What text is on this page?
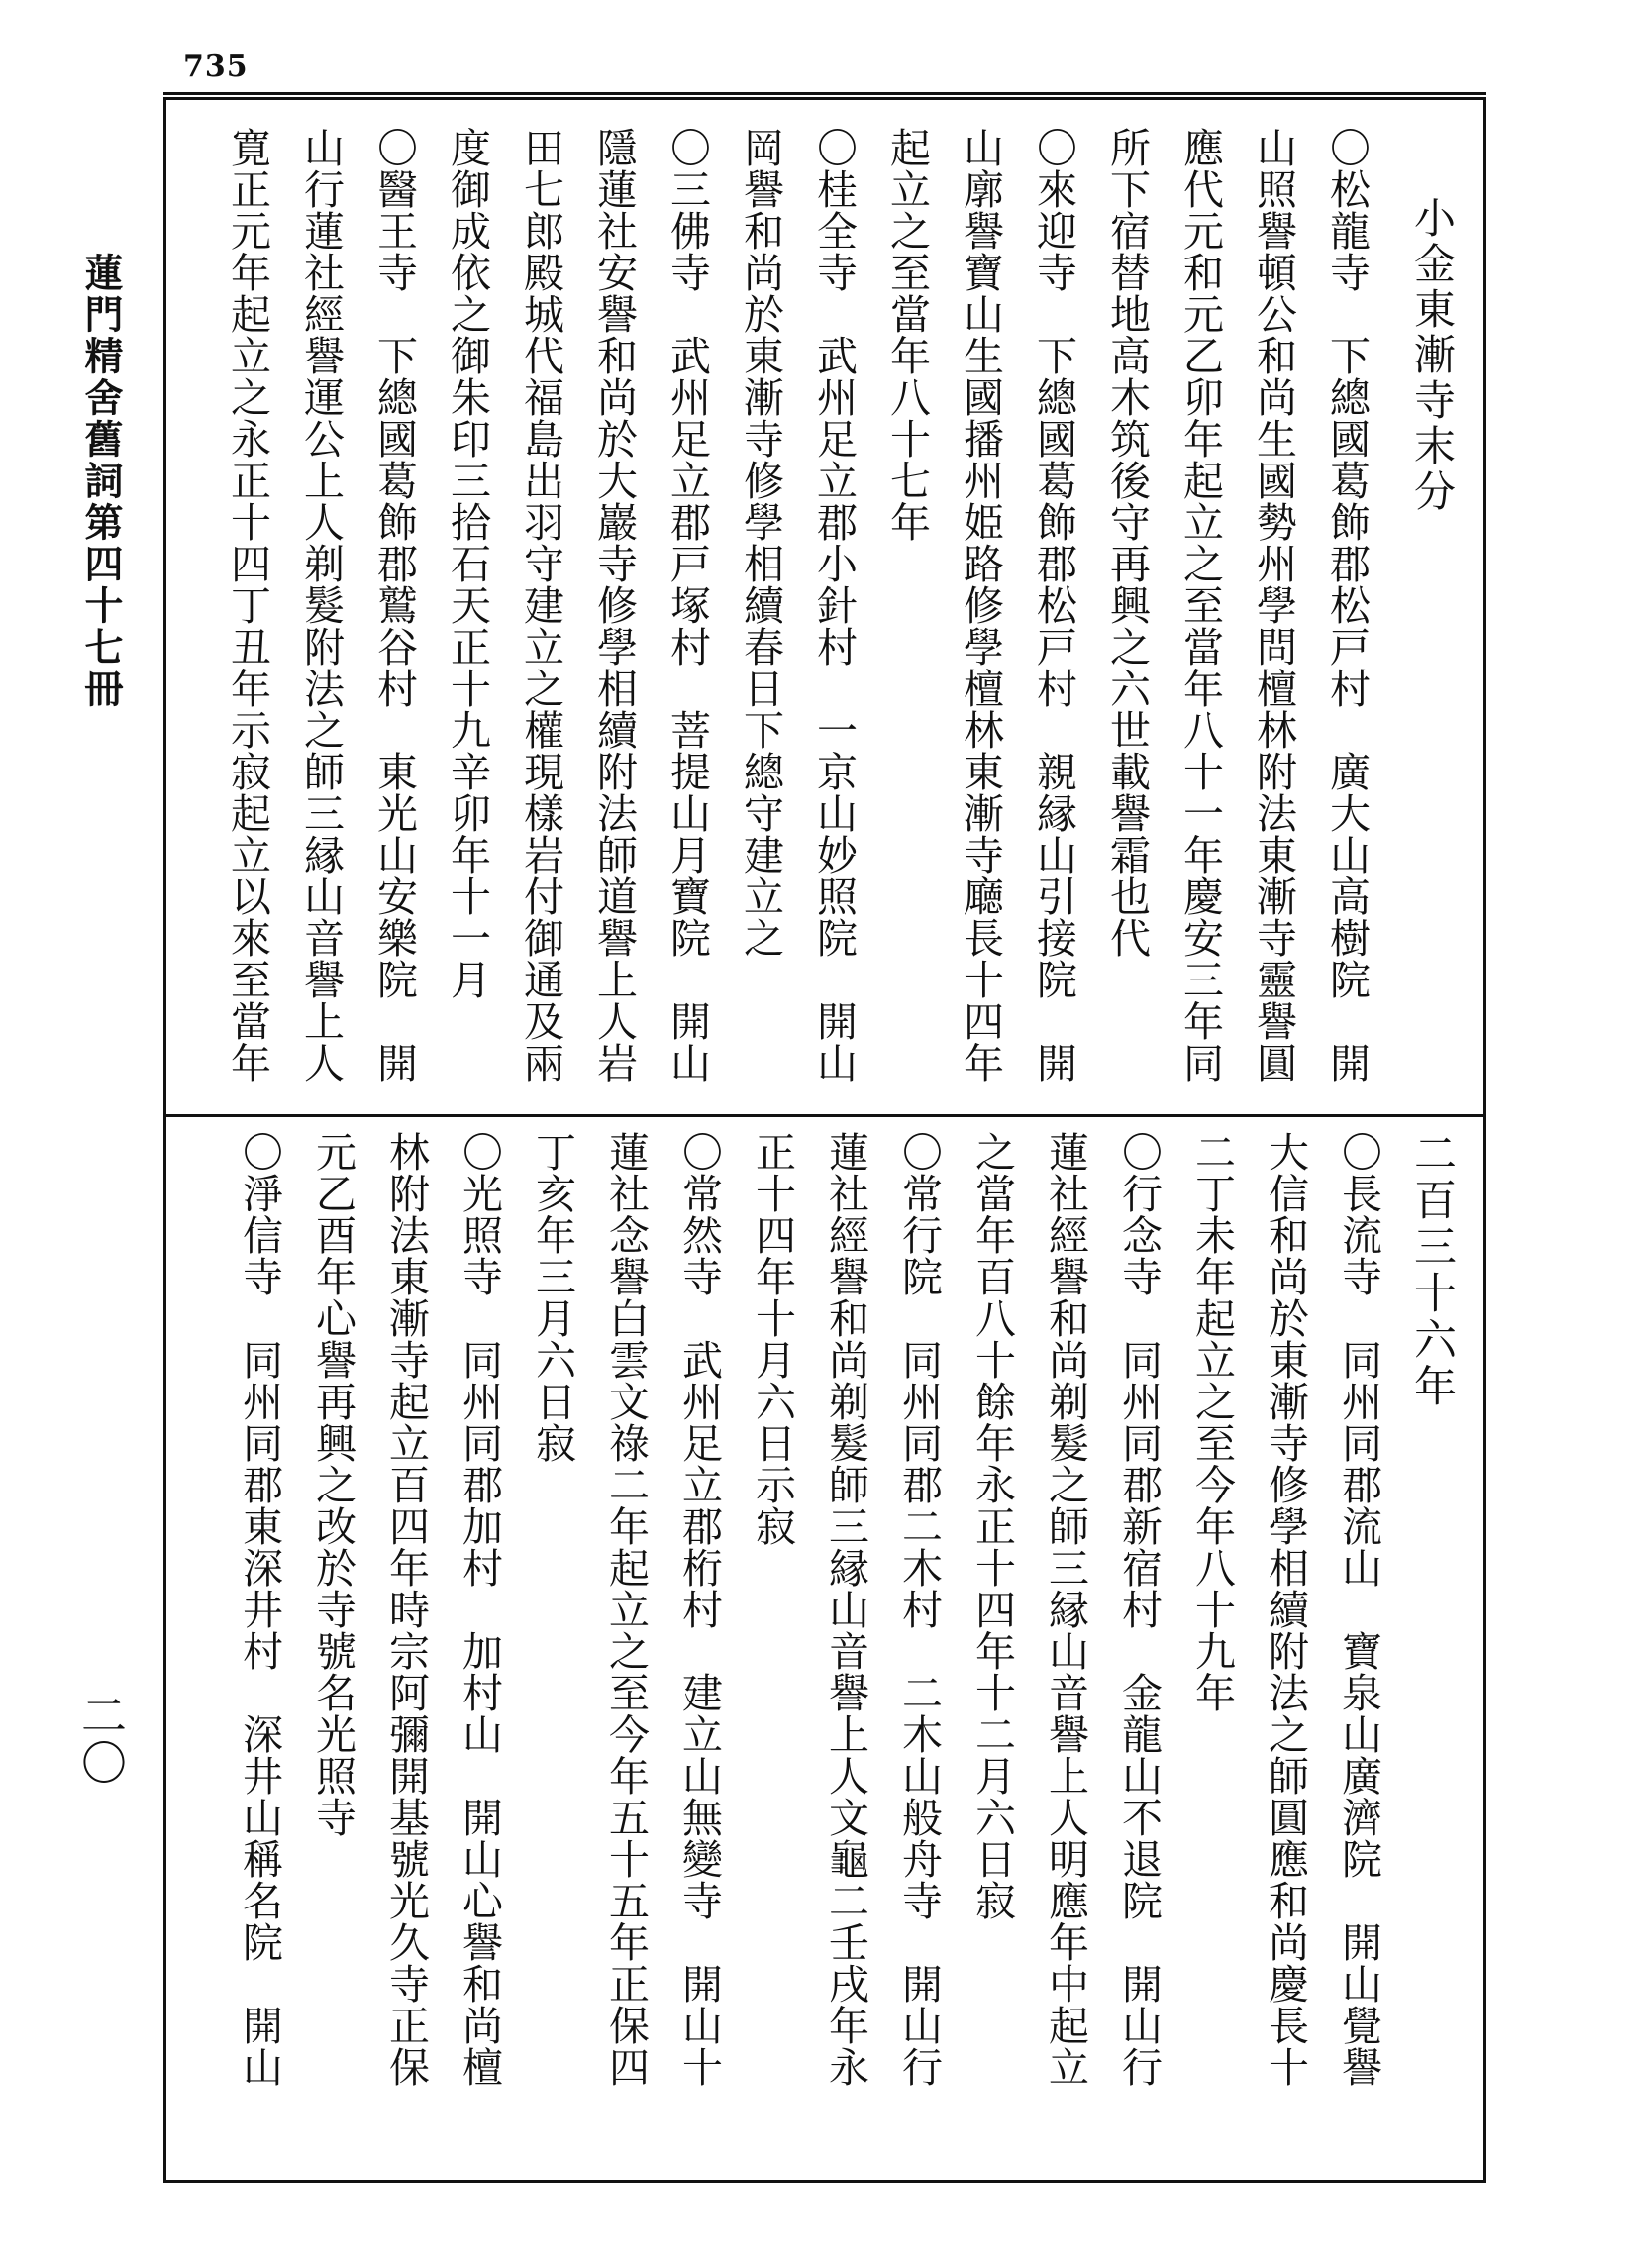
735
蓮門精舍舊詞第四十七冊
二〇
小金東漸寺末分
〇松龍寺　下總國葛飾郡松戸村　廣大山高樹院　開
山照譽頓公和尚生國勢州學問檀林附法東漸寺靈譽圓
應代元和元乙卯年起立之至當年八十一年慶安三年同
所下宿替地高木筑後守再興之六世載譽霜也代
〇來迎寺　下總國葛飾郡松戸村　親縁山引接院　開
山廓譽寶山生國播州姫路修學檀林東漸寺廰長十四年
起立之至當年八十七年
〇桂全寺　武州足立郡小針村　一京山妙照院　開山
岡譽和尚於東漸寺修學相續春日下總守建立之
〇三佛寺　武州足立郡戸塚村　菩提山月寶院　開山
隱蓮社安譽和尚於大巖寺修學相續附法師道譽上人岩
田七郎殿城代福島出羽守建立之權現樣岩付御通及兩
度御成依之御朱印三拾石天正十九辛卯年十一月
〇醫王寺　下總國葛飾郡鷲谷村　東光山安樂院　開
山行蓮社經譽運公上人剃髮附法之師三縁山音譽上人
寛正元年起立之永正十四丁丑年示寂起立以來至當年
二百三十六年
〇長流寺　同州同郡流山　寶泉山廣濟院　開山覺譽
大信和尚於東漸寺修學相續附法之師圓應和尚慶長十
二丁未年起立之至今年八十九年
〇行念寺　同州同郡新宿村　金龍山不退院　開山行
蓮社經譽和尚剃髮之師三縁山音譽上人明應年中起立
之當年百八十餘年永正十四年十二月六日寂
〇常行院　同州同郡二木村　二木山般舟寺　開山行
蓮社經譽和尚剃髮師三縁山音譽上人文龜二壬戌年永
正十四年十月六日示寂
〇常然寺　武州足立郡桁村　建立山無變寺　開山十
蓮社念譽白雲文祿二年起立之至今年五十五年正保四
丁亥年三月六日寂
〇光照寺　同州同郡加村　加村山　開山心譽和尚檀
林附法東漸寺起立百四年時宗阿彌開基號光久寺正保
元乙酉年心譽再興之改於寺號名光照寺
〇淨信寺　同州同郡東深井村　深井山稱名院　開山
